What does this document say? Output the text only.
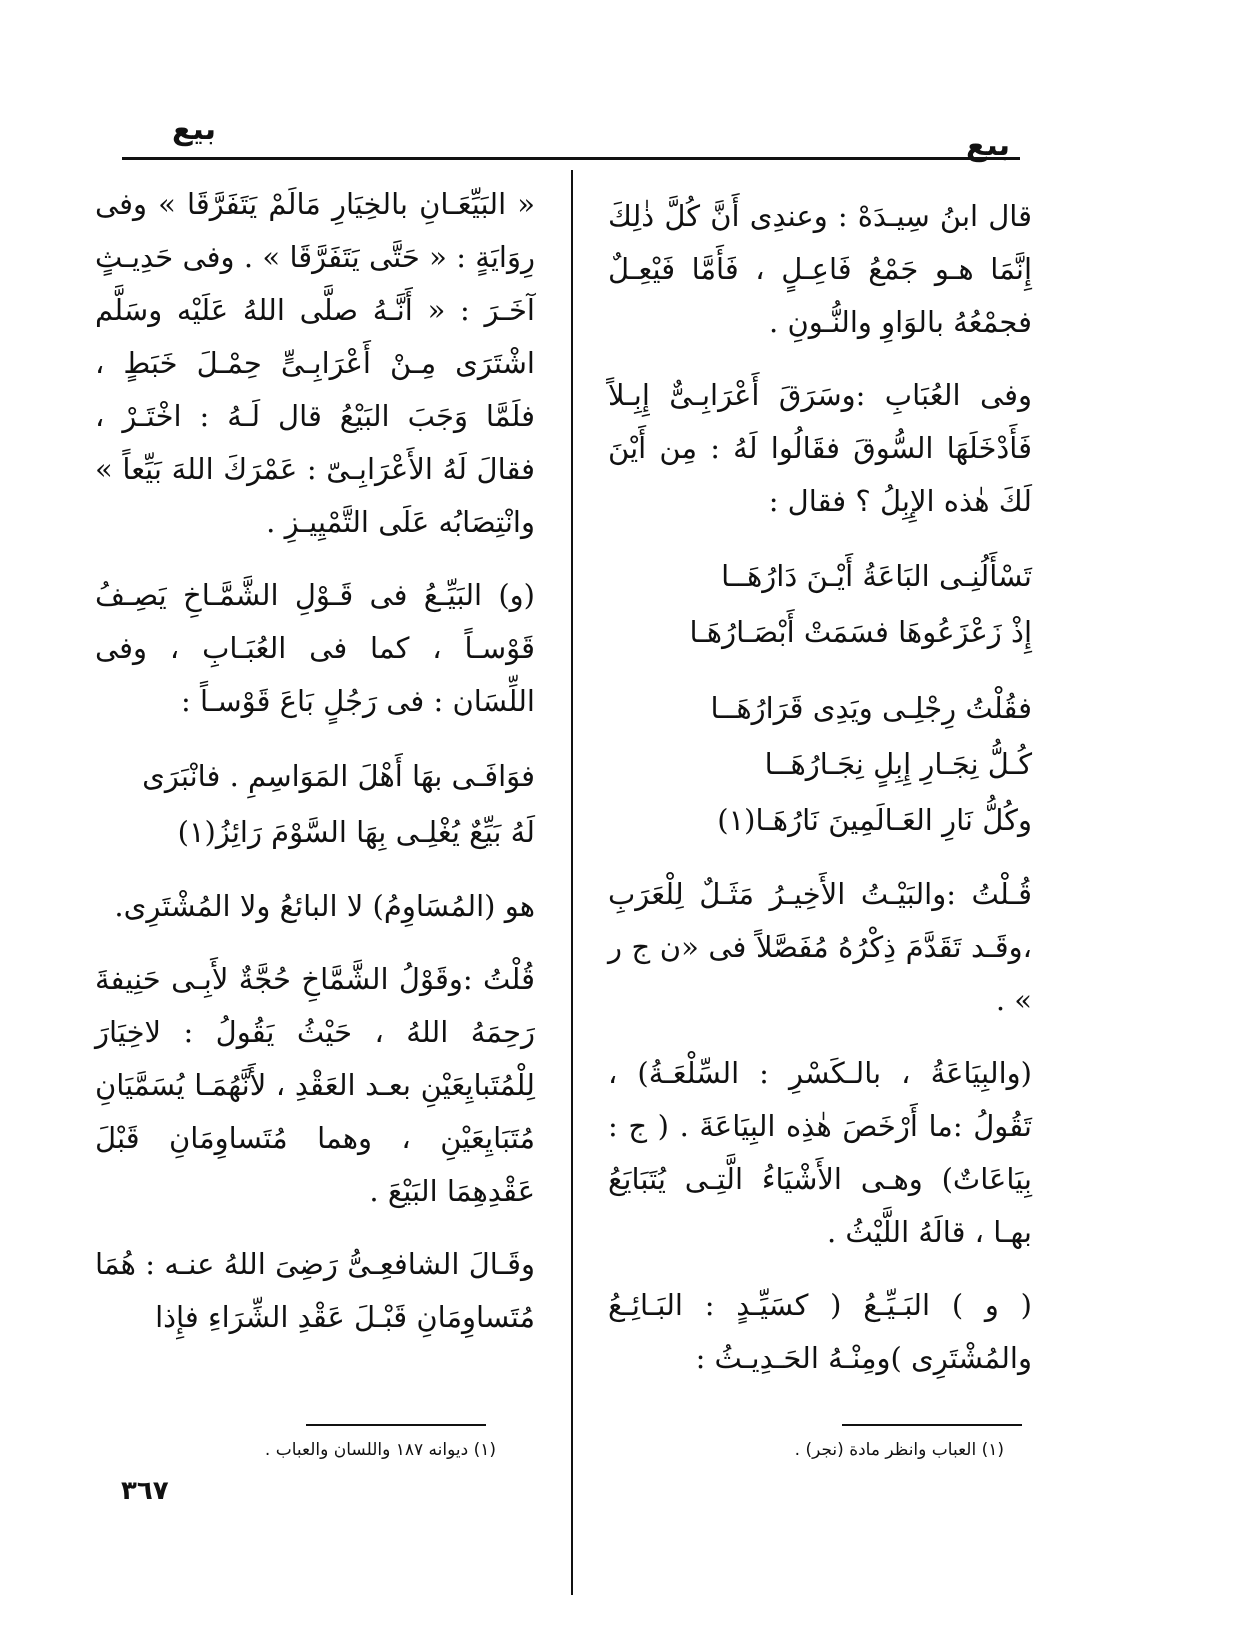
بيع	بيع

قال ابنُ سِيـدَهْ : وعندِى أَنَّ كُلَّ ذٰلِكَ إِنَّمَا هـو جَمْعُ فَاعِـلٍ ، فَأَمَّا فَيْعِـلٌ فجمْعُهُ بالوَاوِ والنُّـونِ .

وفى العُبَابِ :وسَرَقَ أَعْرَابِـىٌّ إِبِـلاً فَأَدْخَلَهَا السُّوقَ فقَالُوا لَهُ : مِن أَيْنَ لَكَ هٰذه الإِبِلُ ؟ فقال :

تَسْأَلُنِـى البَاعَةُ أَيْـنَ دَارُهَــا
إِذْ زَعْزَعُوهَا فسَمَتْ أَبْصَـارُهَـا
فقُلْتُ رِجْلِـى ويَدِى قَرَارُهَــا
كُـلُّ نِجَـارِ إِبِلٍ نِجَـارُهَــا
وكُلُّ نَارِ العَـالَمِينَ نَارُهَـا(١)

قُـلْتُ :والبَيْـتُ الأَخِيـرُ مَثَـلٌ لِلْعَرَبِ ،وقَـد تَقَدَّمَ ذِكْرُهُ مُفَصَّلاً فى «ن ج ر » .

(والبِيَاعَةُ ، بالـكَسْرِ : السِّلْعَـةُ) ، تَقُولُ :ما أَرْخَصَ هٰذِه البِيَاعَةَ . ( ج : بِيَاعَاتٌ) وهـى الأَشْيَاءُ الَّتِـى يُتَبَايَعُ بهـا ، قالَهُ اللَّيْثُ .

( و ) البَـيِّـعُ ( كسَيِّـدٍ : البَـائِـعُ والمُشْتَرِى )ومِنْـهُ الحَـدِيـثُ :

« البَيِّعَـانِ بالخِيَارِ مَالَمْ يَتَفَرَّقَا » وفى رِوَايَةٍ : « حَتَّى يَتَفَرَّقَا » . وفى حَدِيـثٍ آخَـرَ : « أَنَّـهُ صلَّى اللهُ عَلَيْه وسَلَّم اشْتَرَى مِـنْ أَعْرَابِـىٍّ حِمْـلَ خَبَطٍ ، فلَمَّا وَجَبَ البَيْعُ قال لَـهُ : اخْتَـرْ ، فقالَ لَهُ الأَعْرَابِـىّ : عَمْرَكَ اللهَ بَيِّعاً » وانْتِصَابُه عَلَى التَّمْيِيـزِ .

(و) البَيِّـعُ فى قَـوْلِ الشَّمَّـاخِ يَصِـفُ قَوْسـاً ، كما فى العُبَـابِ ، وفى اللِّسَان : فى رَجُلٍ بَاعَ قَوْسـاً :

فوَافَـى بهَا أَهْلَ المَوَاسِمِ . فانْبَرَى
لَهُ بَيِّعٌ يُغْلِـى بِهَا السَّوْمَ رَائِزُ(١)

هو (المُسَاوِمُ) لا البائعُ ولا المُشْتَرِى.

قُلْتُ :وقَوْلُ الشَّمَّاخِ حُجَّةٌ لأَبِـى حَنِيفةَ رَحِمَهُ اللهُ ، حَيْثُ يَقُولُ : لاخِيَارَ لِلْمُتَبايِعَيْنِ بعـد العَقْدِ ، لأَنَّهُمَـا يُسَمَّيَانِ مُتَبَايِعَيْنِ ، وهما مُتَساوِمَانِ قَبْلَ عَقْدِهِمَا البَيْعَ .

وقَـالَ الشافعِـىُّ رَضِىَ اللهُ عنـه : هُمَا مُتَساوِمَانِ قَبْـلَ عَقْدِ الشِّرَاءِ فإِذا

(١) ديوانه ١٨٧ واللسان والعباب .	(١) العباب وانظر مادة (نجر) .
٣٦٧
